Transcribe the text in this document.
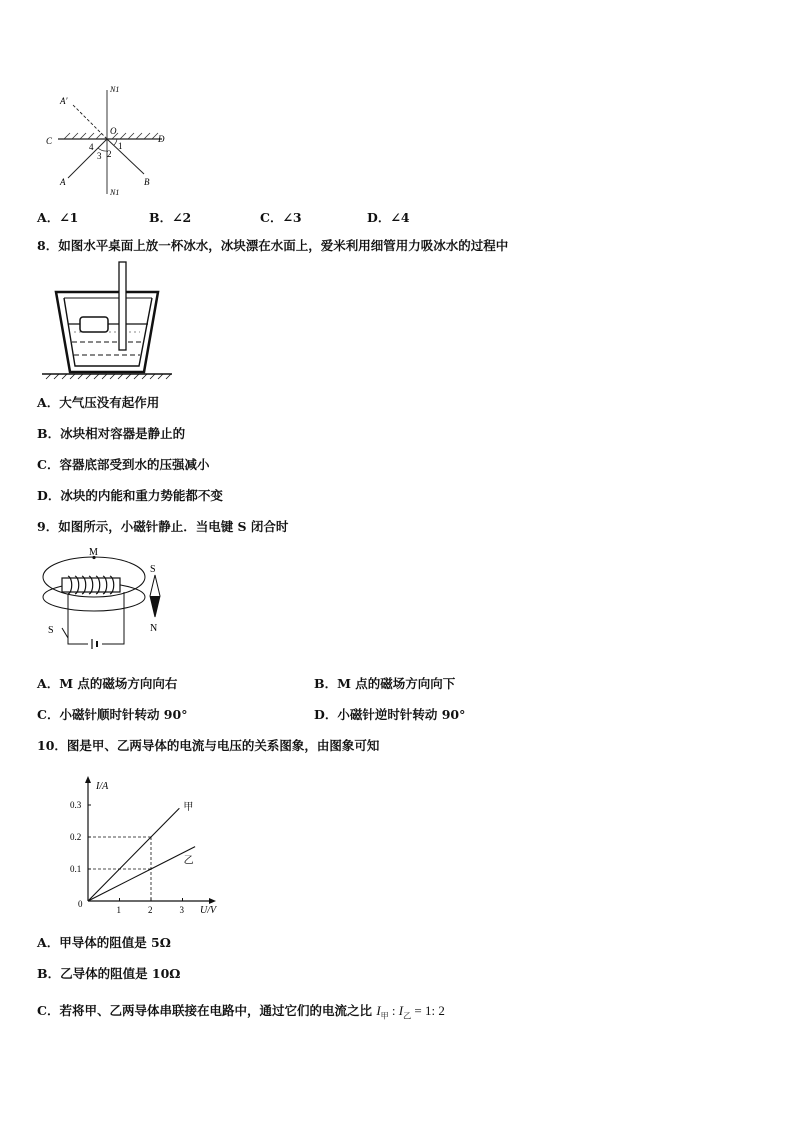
A′
N1
O
C	D
4	1
3 2
A	B
N1
A．∠1	B．∠2	C．∠3	D．∠4
8．如图水平桌面上放一杯冰水，冰块漂在水面上，爱米利用细管用力吸冰水的过程中
A．大气压没有起作用
B．冰块相对容器是静止的
C．容器底部受到水的压强减小
D．冰块的内能和重力势能都不变
9．如图所示，小磁针静止．当电键 S 闭合时
M
S
S
N
A．M 点的磁场方向向右	B．M 点的磁场方向向下
C．小磁针顺时针转动 90°	D．小磁针逆时针转动 90°
10．图是甲、乙两导体的电流与电压的关系图象，由图象可知
I/A
U/V
0
1	2	3
0.1
0.2
0.3	甲
乙
A．甲导体的阻值是 5Ω
B．乙导体的阻值是 10Ω
C．若将甲、乙两导体串联接在电路中，通过它们的电流之比 $I_甲$ : $I_乙 = 1$: 2
